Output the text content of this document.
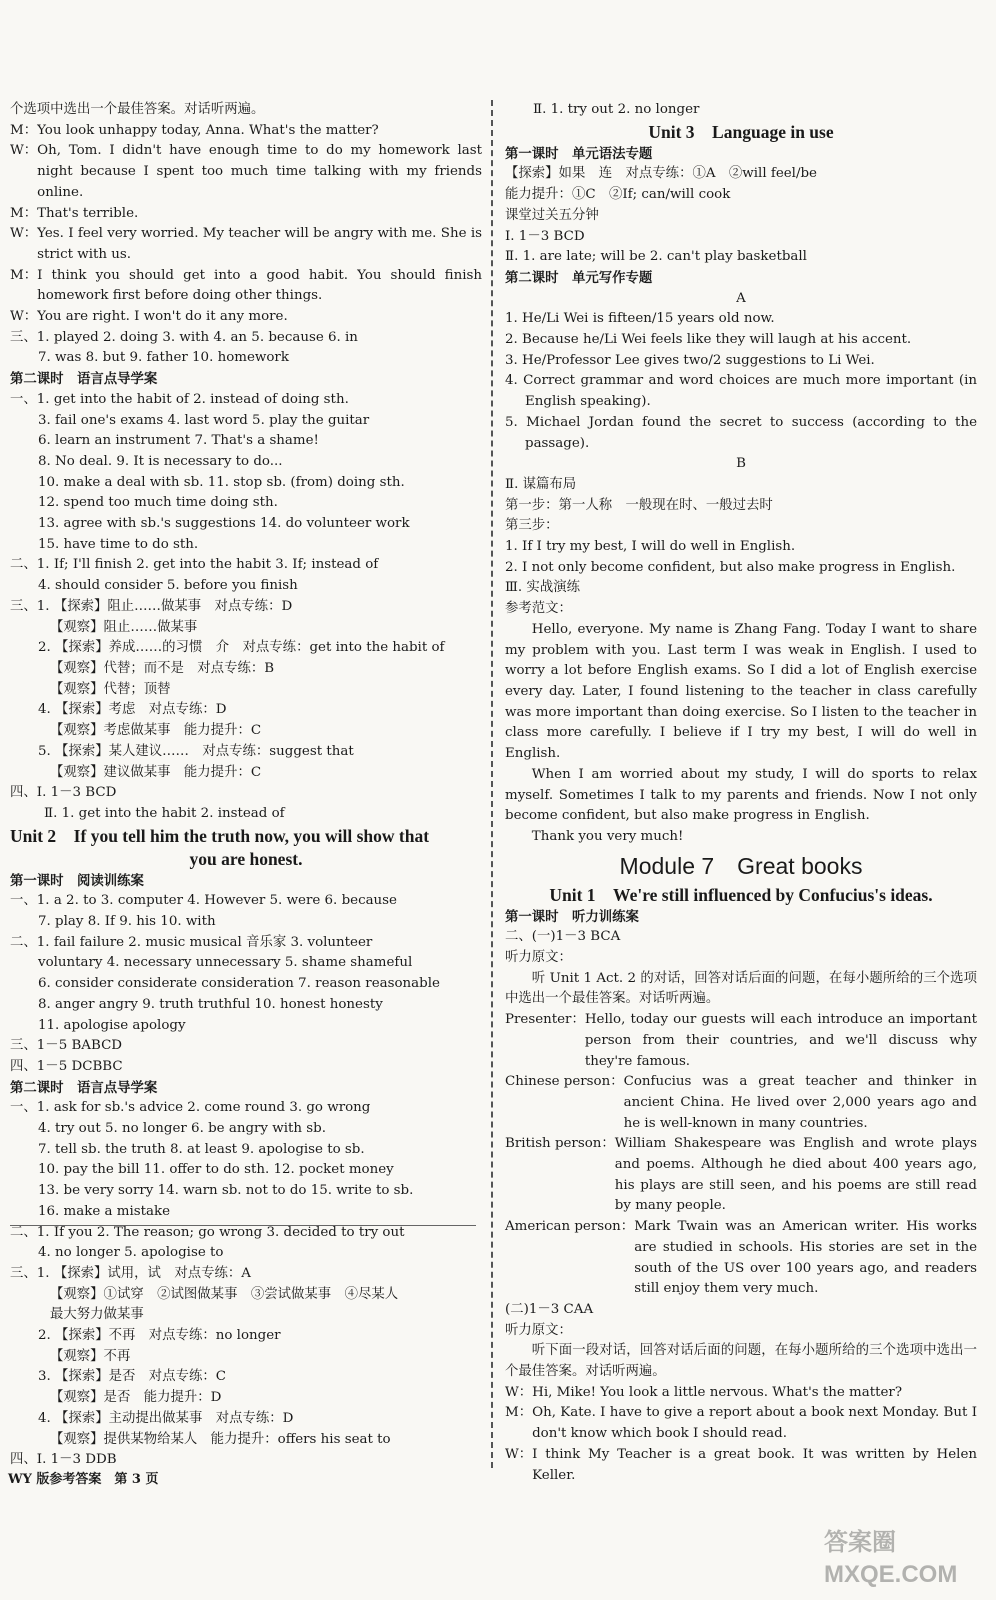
个选项中选出一个最佳答案。对话听两遍。
M： You look unhappy today, Anna. What's the matter?
W： Oh, Tom. I didn't have enough time to do my homework last night because I spent too much time talking with my friends online.
M： That's terrible.
W： Yes. I feel very worried. My teacher will be angry with me. She is strict with us.
M： I think you should get into a good habit. You should finish homework first before doing other things.
W： You are right. I won't do it any more.
三、1. played 2. doing 3. with 4. an 5. because 6. in
7. was 8. but 9. father 10. homework
第二课时　语言点导学案
一、1. get into the habit of 2. instead of doing sth.
3. fail one's exams 4. last word 5. play the guitar
6. learn an instrument 7. That's a shame!
8. No deal. 9. It is necessary to do...
10. make a deal with sb. 11. stop sb. (from) doing sth.
12. spend too much time doing sth.
13. agree with sb.'s suggestions 14. do volunteer work
15. have time to do sth.
二、1. If; I'll finish 2. get into the habit 3. If; instead of
4. should consider 5. before you finish
三、1. 【探索】阻止……做某事　对点专练：D
【观察】阻止……做某事
2. 【探索】养成……的习惯　介　对点专练：get into the habit of
【观察】代替；而不是　对点专练：B
【观察】代替；顶替
4. 【探索】考虑　对点专练：D
【观察】考虑做某事　能力提升：C
5. 【探索】某人建议……　对点专练：suggest that
【观察】建议做某事　能力提升：C
四、Ⅰ. 1－3 BCD
Ⅱ. 1. get into the habit 2. instead of
Unit 2　If you tell him the truth now, you will show that
you are honest.
第一课时　阅读训练案
一、1. a 2. to 3. computer 4. However 5. were 6. because
7. play 8. If 9. his 10. with
二、1. fail failure 2. music musical 音乐家 3. volunteer
voluntary 4. necessary unnecessary 5. shame shameful
6. consider considerate consideration 7. reason reasonable
8. anger angry 9. truth truthful 10. honest honesty
11. apologise apology
三、1－5 BABCD
四、1－5 DCBBC
第二课时　语言点导学案
一、1. ask for sb.'s advice 2. come round 3. go wrong
4. try out 5. no longer 6. be angry with sb.
7. tell sb. the truth 8. at least 9. apologise to sb.
10. pay the bill 11. offer to do sth. 12. pocket money
13. be very sorry 14. warn sb. not to do 15. write to sb.
16. make a mistake
二、1. If you 2. The reason; go wrong 3. decided to try out
4. no longer 5. apologise to
三、1. 【探索】试用，试　对点专练：A
【观察】①试穿　②试图做某事　③尝试做某事　④尽某人
最大努力做某事
2. 【探索】不再　对点专练：no longer
【观察】不再
3. 【探索】是否　对点专练：C
【观察】是否　能力提升：D
4. 【探索】主动提出做某事　对点专练：D
【观察】提供某物给某人　能力提升：offers his seat to
四、Ⅰ. 1－3 DDB
Ⅱ. 1. try out 2. no longer
Unit 3　Language in use
第一课时　单元语法专题
【探索】如果　连　对点专练：①A　②will feel/be
能力提升：①C　②If; can/will cook
课堂过关五分钟
Ⅰ. 1－3 BCD
Ⅱ. 1. are late; will be 2. can't play basketball
第二课时　单元写作专题
A
1. He/Li Wei is fifteen/15 years old now.
2. Because he/Li Wei feels like they will laugh at his accent.
3. He/Professor Lee gives two/2 suggestions to Li Wei.
4. Correct grammar and word choices are much more important (in English speaking).
5. Michael Jordan found the secret to success (according to the passage).
B
Ⅱ. 谋篇布局
第一步：第一人称　一般现在时、一般过去时
第三步：
1. If I try my best, I will do well in English.
2. I not only become confident, but also make progress in English.
Ⅲ. 实战演练
参考范文：
Hello, everyone. My name is Zhang Fang. Today I want to share my problem with you. Last term I was weak in English. I used to worry a lot before English exams. So I did a lot of English exercise every day. Later, I found listening to the teacher in class carefully was more important than doing exercise. So I listen to the teacher in class more carefully. I believe if I try my best, I will do well in English.
When I am worried about my study, I will do sports to relax myself. Sometimes I talk to my parents and friends. Now I not only become confident, but also make progress in English.
Thank you very much!
Module 7　Great books
Unit 1　We're still influenced by Confucius's ideas.
第一课时　听力训练案
二、(一)1－3 BCA
听力原文：
听 Unit 1 Act. 2 的对话，回答对话后面的问题，在每小题所给的三个选项中选出一个最佳答案。对话听两遍。
Presenter： Hello, today our guests will each introduce an important person from their countries, and we'll discuss why they're famous.
Chinese person： Confucius was a great teacher and thinker in ancient China. He lived over 2,000 years ago and he is well-known in many countries.
British person： William Shakespeare was English and wrote plays and poems. Although he died about 400 years ago, his plays are still seen, and his poems are still read by many people.
American person： Mark Twain was an American writer. His works are studied in schools. His stories are set in the south of the US over 100 years ago, and readers still enjoy them very much.
(二)1－3 CAA
听力原文：
听下面一段对话，回答对话后面的问题，在每小题所给的三个选项中选出一个最佳答案。对话听两遍。
W： Hi, Mike! You look a little nervous. What's the matter?
M： Oh, Kate. I have to give a report about a book next Monday. But I don't know which book I should read.
W： I think My Teacher is a great book. It was written by Helen Keller.
WY 版参考答案　第 3 页
答案圈
MXQE.COM
